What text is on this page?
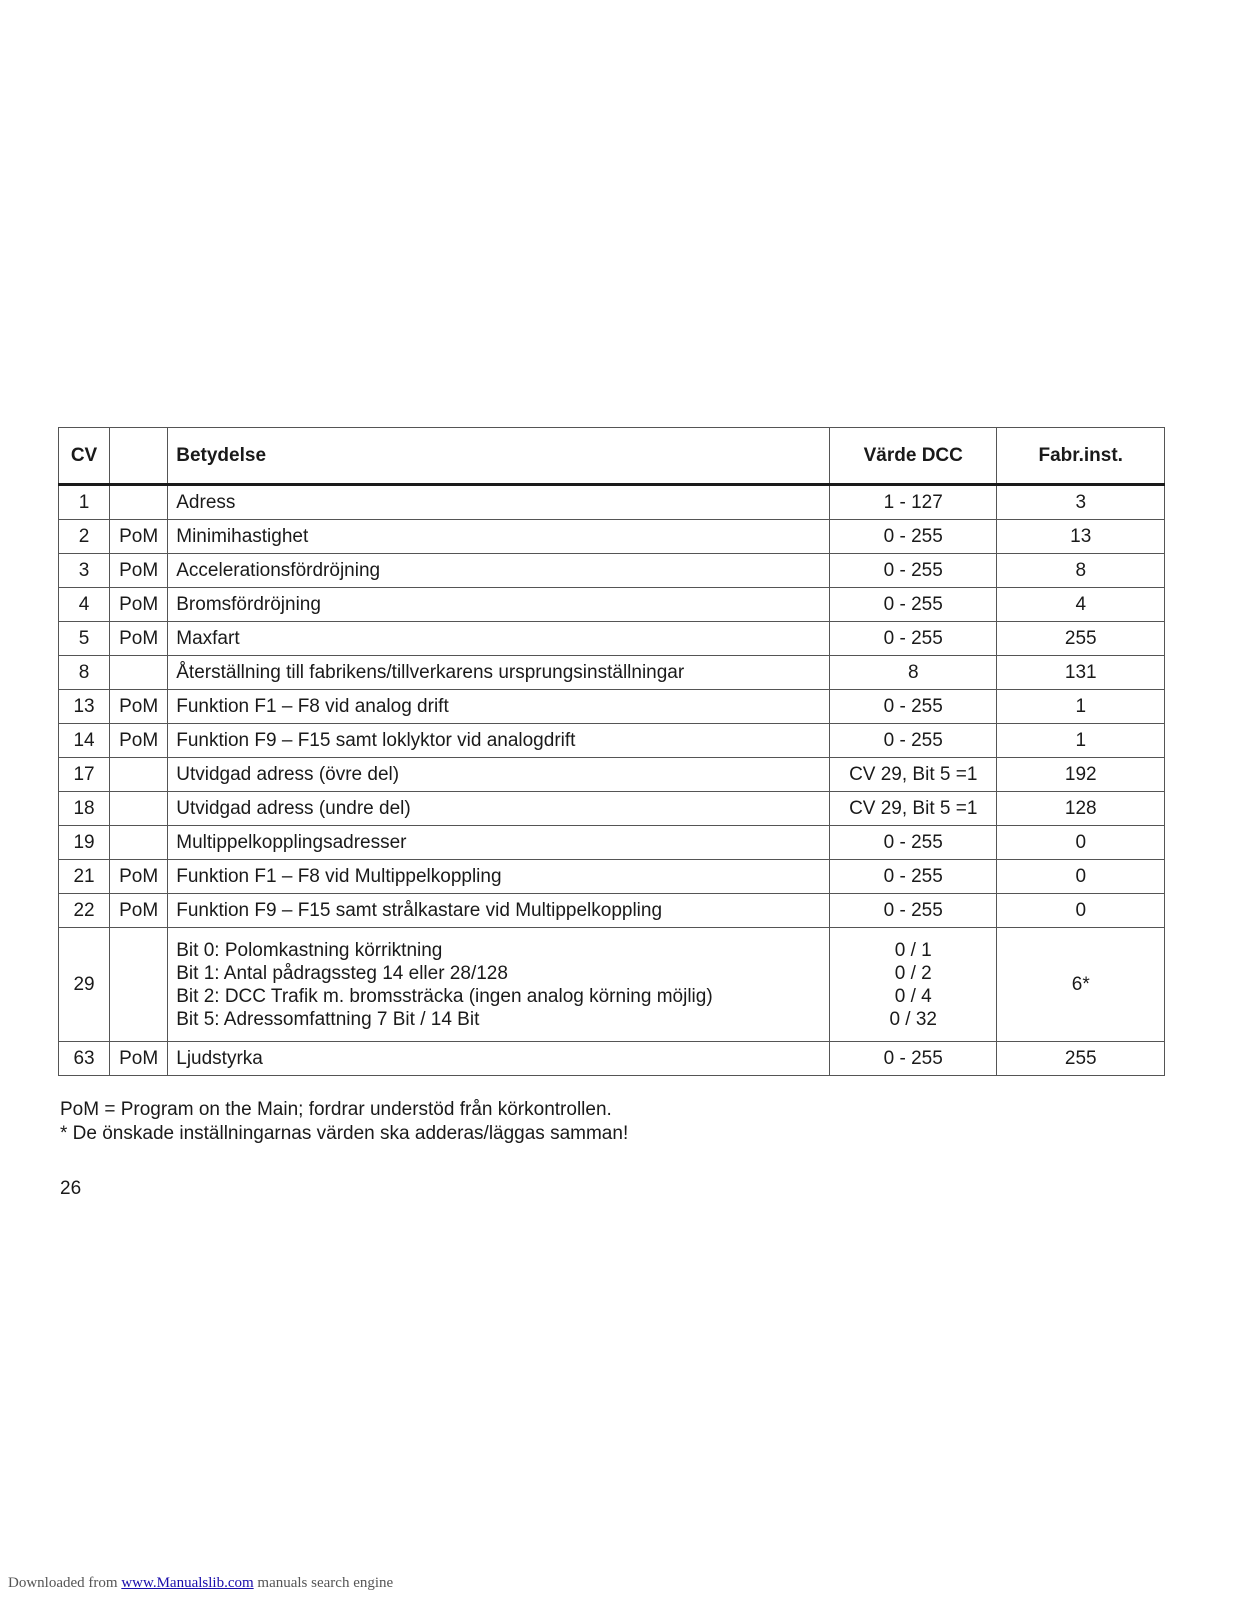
CV		Betydelse	Värde DCC	Fabr.inst.
1		Adress	1 - 127	3
2	PoM	Minimihastighet	0 - 255	13
3	PoM	Accelerationsfördröjning	0 - 255	8
4	PoM	Bromsfördröjning	0 - 255	4
5	PoM	Maxfart	0 - 255	255
8		Återställning till fabrikens/tillverkarens ursprungsinställningar	8	131
13	PoM	Funktion F1 – F8 vid analog drift	0 - 255	1
14	PoM	Funktion F9 – F15 samt loklyktor vid analogdrift	0 - 255	1
17		Utvidgad adress (övre del)	CV 29, Bit 5 =1	192
18		Utvidgad adress (undre del)	CV 29, Bit 5 =1	128
19		Multippelkopplingsadresser	0 - 255	0
21	PoM	Funktion F1 – F8 vid Multippelkoppling	0 - 255	0
22	PoM	Funktion F9 – F15 samt strålkastare vid Multippelkoppling	0 - 255	0
29		Bit 0: Polomkastning körriktning
Bit 1: Antal pådragssteg 14 eller 28/128
Bit 2: DCC Trafik m. bromssträcka (ingen analog körning möjlig)
Bit 5: Adressomfattning 7 Bit / 14 Bit	0 / 1
0 / 2
0 / 4
0 / 32	6*
63	PoM	Ljudstyrka	0 - 255	255
PoM = Program on the Main; fordrar understöd från körkontrollen.
* De önskade inställningarnas värden ska adderas/läggas samman!
26
Downloaded from www.Manualslib.com manuals search engine
